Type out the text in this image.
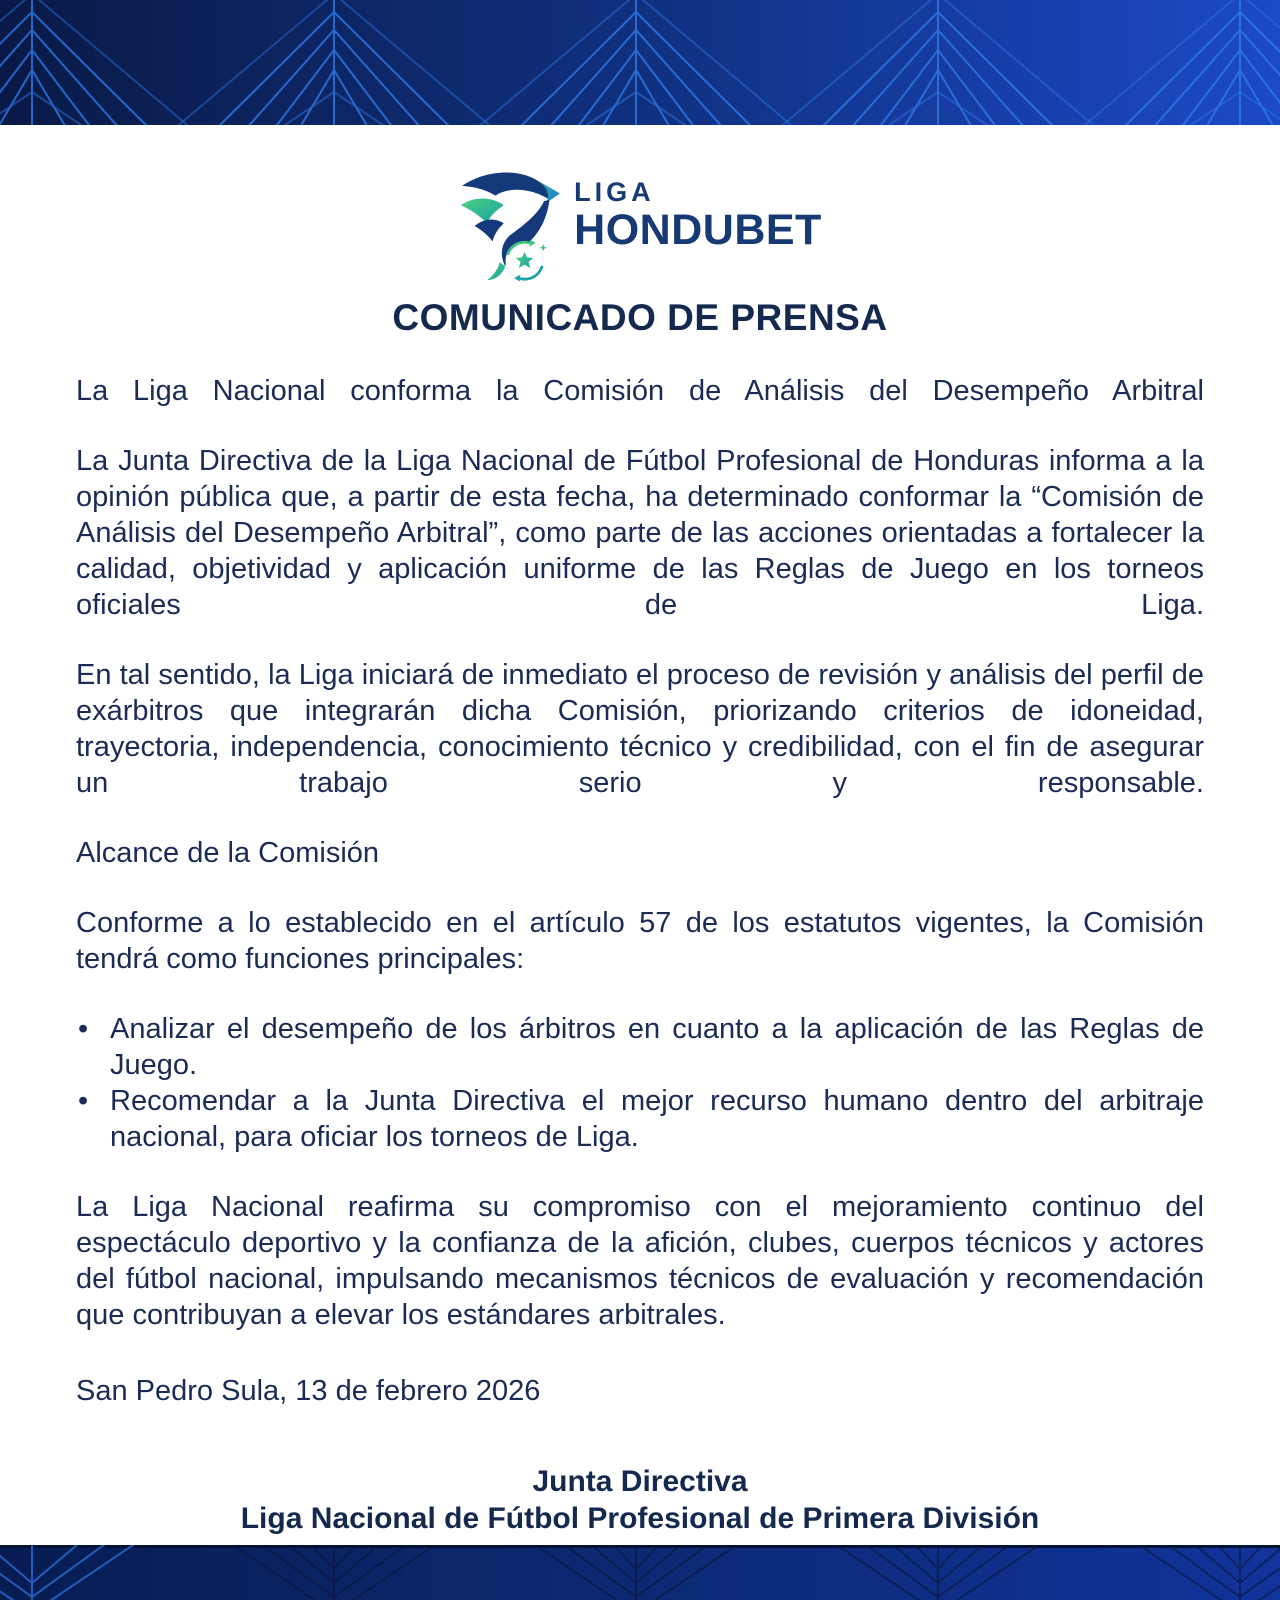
LIGA
HONDUBET
COMUNICADO DE PRENSA

La Liga Nacional conforma la Comisión de Análisis del Desempeño Arbitral

La Junta Directiva de la Liga Nacional de Fútbol Profesional de Honduras informa a la opinión pública que, a partir de esta fecha, ha determinado conformar la “Comisión de Análisis del Desempeño Arbitral”, como parte de las acciones orientadas a fortalecer la calidad, objetividad y aplicación uniforme de las Reglas de Juego en los torneos oficiales de Liga.

En tal sentido, la Liga iniciará de inmediato el proceso de revisión y análisis del perfil de exárbitros que integrarán dicha Comisión, priorizando criterios de idoneidad, trayectoria, independencia, conocimiento técnico y credibilidad, con el fin de asegurar un trabajo serio y responsable.

Alcance de la Comisión

Conforme a lo establecido en el artículo 57 de los estatutos vigentes, la Comisión tendrá como funciones principales:

• Analizar el desempeño de los árbitros en cuanto a la aplicación de las Reglas de Juego.
• Recomendar a la Junta Directiva el mejor recurso humano dentro del arbitraje nacional, para oficiar los torneos de Liga.

La Liga Nacional reafirma su compromiso con el mejoramiento continuo del espectáculo deportivo y la confianza de la afición, clubes, cuerpos técnicos y actores del fútbol nacional, impulsando mecanismos técnicos de evaluación y recomendación que contribuyan a elevar los estándares arbitrales.

San Pedro Sula, 13 de febrero 2026

Junta Directiva
Liga Nacional de Fútbol Profesional de Primera División
